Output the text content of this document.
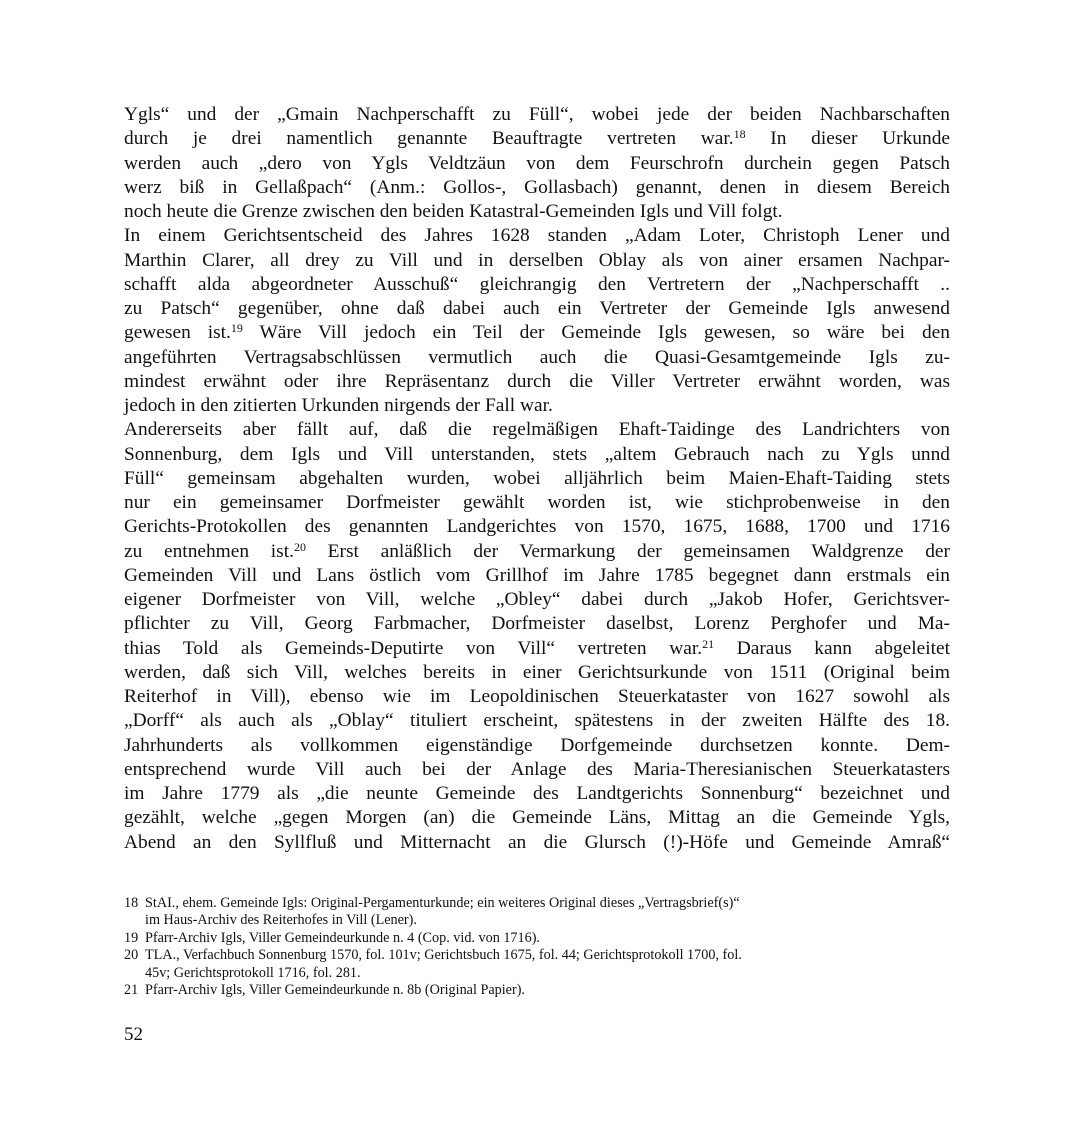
Ygls“ und der „Gmain Nachperschafft zu Füll“, wobei jede der beiden Nachbarschaften
durch je drei namentlich genannte Beauftragte vertreten war.$^{18}$ In dieser Urkunde
werden auch „dero von Ygls Veldtzäun von dem Feurschrofn durchein gegen Patsch
werz biß in Gellaßpach“ (Anm.: Gollos-, Gollasbach) genannt, denen in diesem Bereich
noch heute die Grenze zwischen den beiden Katastral-Gemeinden Igls und Vill folgt.
In einem Gerichtsentscheid des Jahres 1628 standen „Adam Loter, Christoph Lener und
Marthin Clarer, all drey zu Vill und in derselben Oblay als von ainer ersamen Nachpar-
schafft alda abgeordneter Ausschuß“ gleichrangig den Vertretern der „Nachperschafft ..
zu Patsch“ gegenüber, ohne daß dabei auch ein Vertreter der Gemeinde Igls anwesend
gewesen ist.$^{19}$ Wäre Vill jedoch ein Teil der Gemeinde Igls gewesen, so wäre bei den
angeführten Vertragsabschlüssen vermutlich auch die Quasi-Gesamtgemeinde Igls zu-
mindest erwähnt oder ihre Repräsentanz durch die Viller Vertreter erwähnt worden, was
jedoch in den zitierten Urkunden nirgends der Fall war.
Andererseits aber fällt auf, daß die regelmäßigen Ehaft-Taidinge des Landrichters von
Sonnenburg, dem Igls und Vill unterstanden, stets „altem Gebrauch nach zu Ygls unnd
Füll“ gemeinsam abgehalten wurden, wobei alljährlich beim Maien-Ehaft-Taiding stets
nur ein gemeinsamer Dorfmeister gewählt worden ist, wie stichprobenweise in den
Gerichts-Protokollen des genannten Landgerichtes von 1570, 1675, 1688, 1700 und 1716
zu entnehmen ist.$^{20}$ Erst anläßlich der Vermarkung der gemeinsamen Waldgrenze der
Gemeinden Vill und Lans östlich vom Grillhof im Jahre 1785 begegnet dann erstmals ein
eigener Dorfmeister von Vill, welche „Obley“ dabei durch „Jakob Hofer, Gerichtsver-
pflichter zu Vill, Georg Farbmacher, Dorfmeister daselbst, Lorenz Perghofer und Ma-
thias Told als Gemeinds-Deputirte von Vill“ vertreten war.$^{21}$ Daraus kann abgeleitet
werden, daß sich Vill, welches bereits in einer Gerichtsurkunde von 1511 (Original beim
Reiterhof in Vill), ebenso wie im Leopoldinischen Steuerkataster von 1627 sowohl als
„Dorff“ als auch als „Oblay“ tituliert erscheint, spätestens in der zweiten Hälfte des 18.
Jahrhunderts als vollkommen eigenständige Dorfgemeinde durchsetzen konnte. Dem-
entsprechend wurde Vill auch bei der Anlage des Maria-Theresianischen Steuerkatasters
im Jahre 1779 als „die neunte Gemeinde des Landtgerichts Sonnenburg“ bezeichnet und
gezählt, welche „gegen Morgen (an) die Gemeinde Läns, Mittag an die Gemeinde Ygls,
Abend an den Syllfluß und Mitternacht an die Glursch (!)-Höfe und Gemeinde Amraß“
18 StAI., ehem. Gemeinde Igls: Original-Pergamenturkunde; ein weiteres Original dieses „Vertragsbrief(s)“
im Haus-Archiv des Reiterhofes in Vill (Lener).
19 Pfarr-Archiv Igls, Viller Gemeindeurkunde n. 4 (Cop. vid. von 1716).
20 TLA., Verfachbuch Sonnenburg 1570, fol. 101v; Gerichtsbuch 1675, fol. 44; Gerichtsprotokoll 1700, fol.
45v; Gerichtsprotokoll 1716, fol. 281.
21 Pfarr-Archiv Igls, Viller Gemeindeurkunde n. 8b (Original Papier).
52
